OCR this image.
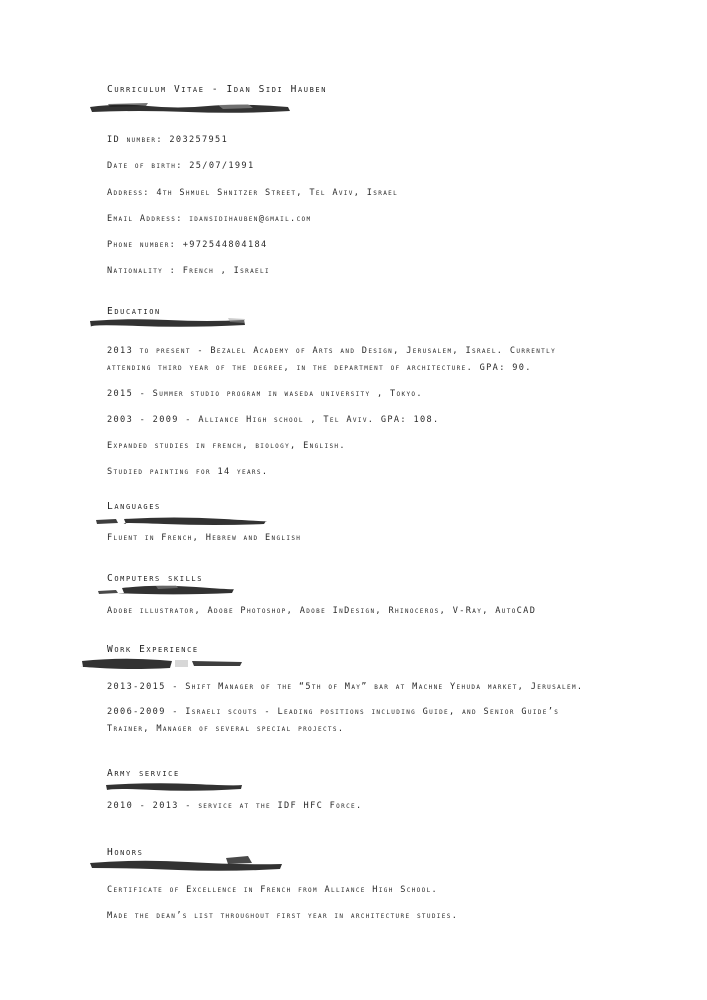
Curriculum Vitae - Idan Sidi Hauben
ID number: 203257951
Date of birth: 25/07/1991
Address: 4th Shmuel Shnitzer Street, Tel Aviv, Israel
Email Address: idansidihauben@gmail.com
Phone number: +972544804184
Nationality : French , Israeli
Education
2013 to present - Bezalel Academy of Arts and Design, Jerusalem, Israel. Currently
attending third year of the degree, in the department of architecture. GPA: 90.
2015 - Summer studio program in waseda university , Tokyo.
2003 - 2009 - Alliance High school , Tel Aviv. GPA: 108.
Expanded studies in french, biology, English.
Studied painting for 14 years.
Languages
Fluent in French, Hebrew and English
Computers skills
Adobe illustrator, Adobe Photoshop, Adobe InDesign, Rhinoceros, V-Ray, AutoCAD
Work Experience
2013-2015 - Shift Manager of the “5th of May” bar at Machne Yehuda market, Jerusalem.
2006-2009 - Israeli scouts - Leading positions including Guide, and Senior Guide’s
Trainer, Manager of several special projects.
Army service
2010 - 2013 - service at the IDF HFC Force.
Honors
Certificate of Excellence in French from Alliance High School.
Made the dean’s list throughout first year in architecture studies.
